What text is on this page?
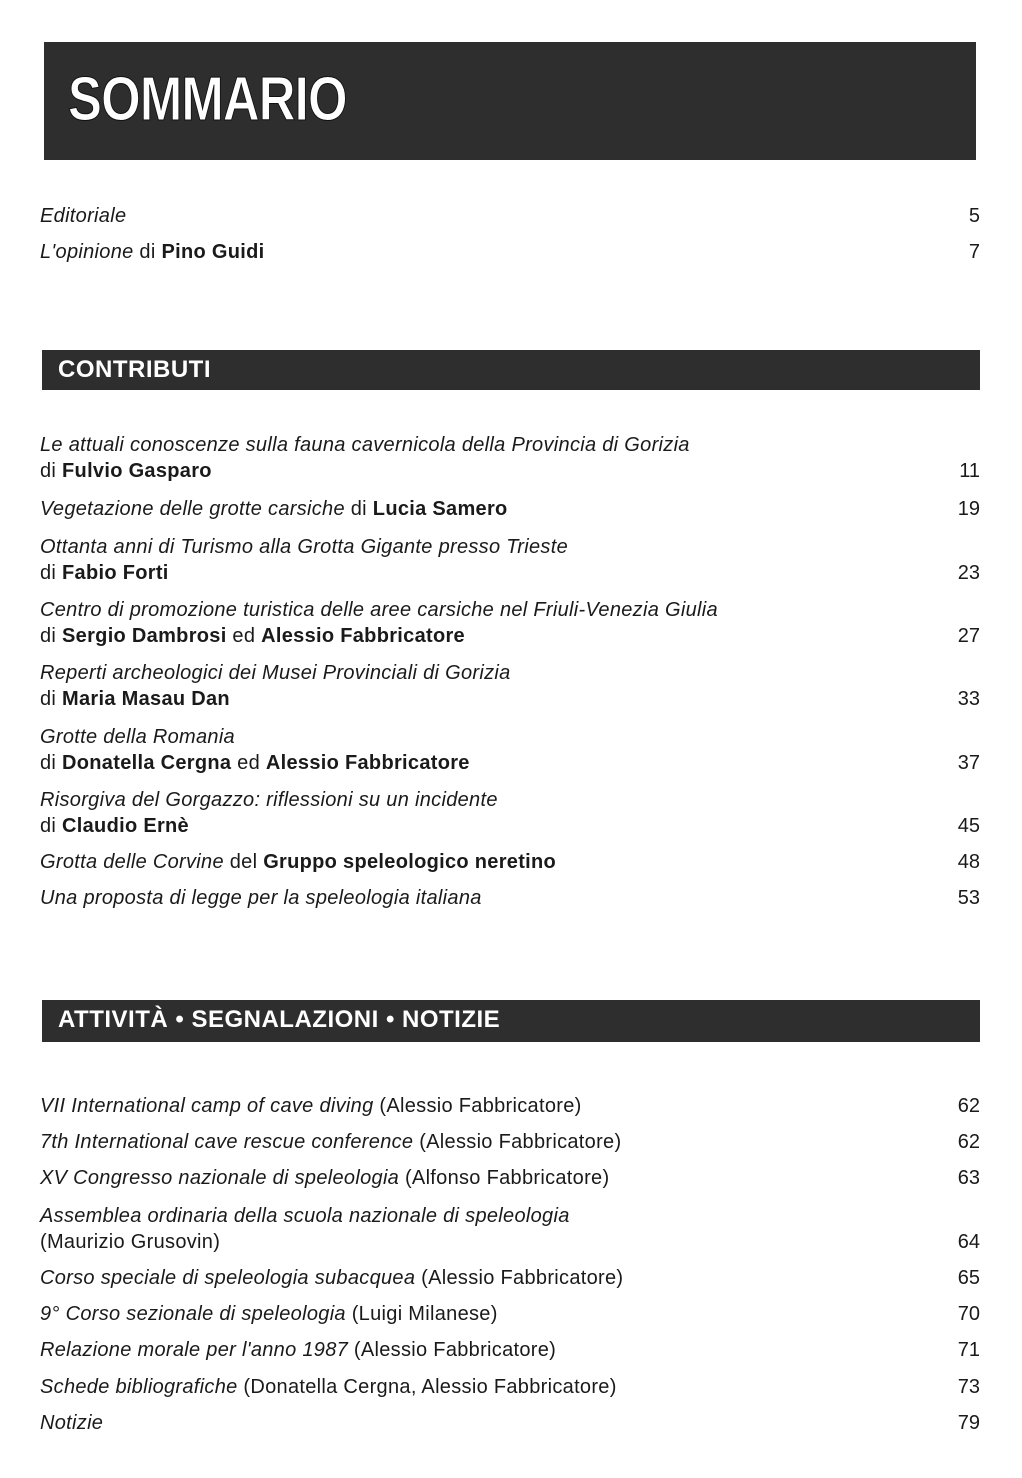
SOMMARIO
Editoriale	5
L'opinione di Pino Guidi	7
CONTRIBUTI
Le attuali conoscenze sulla fauna cavernicola della Provincia di Gorizia
di Fulvio Gasparo	11
Vegetazione delle grotte carsiche di Lucia Samero	19
Ottanta anni di Turismo alla Grotta Gigante presso Trieste
di Fabio Forti	23
Centro di promozione turistica delle aree carsiche nel Friuli-Venezia Giulia
di Sergio Dambrosi ed Alessio Fabbricatore	27
Reperti archeologici dei Musei Provinciali di Gorizia
di Maria Masau Dan	33
Grotte della Romania
di Donatella Cergna ed Alessio Fabbricatore	37
Risorgiva del Gorgazzo: riflessioni su un incidente
di Claudio Ernè	45
Grotta delle Corvine del Gruppo speleologico neretino	48
Una proposta di legge per la speleologia italiana	53
ATTIVITÀ • SEGNALAZIONI • NOTIZIE
VII International camp of cave diving (Alessio Fabbricatore)	62
7th International cave rescue conference (Alessio Fabbricatore)	62
XV Congresso nazionale di speleologia (Alfonso Fabbricatore)	63
Assemblea ordinaria della scuola nazionale di speleologia
(Maurizio Grusovin)	64
Corso speciale di speleologia subacquea (Alessio Fabbricatore)	65
9° Corso sezionale di speleologia (Luigi Milanese)	70
Relazione morale per l'anno 1987 (Alessio Fabbricatore)	71
Schede bibliografiche (Donatella Cergna, Alessio Fabbricatore)	73
Notizie	79
